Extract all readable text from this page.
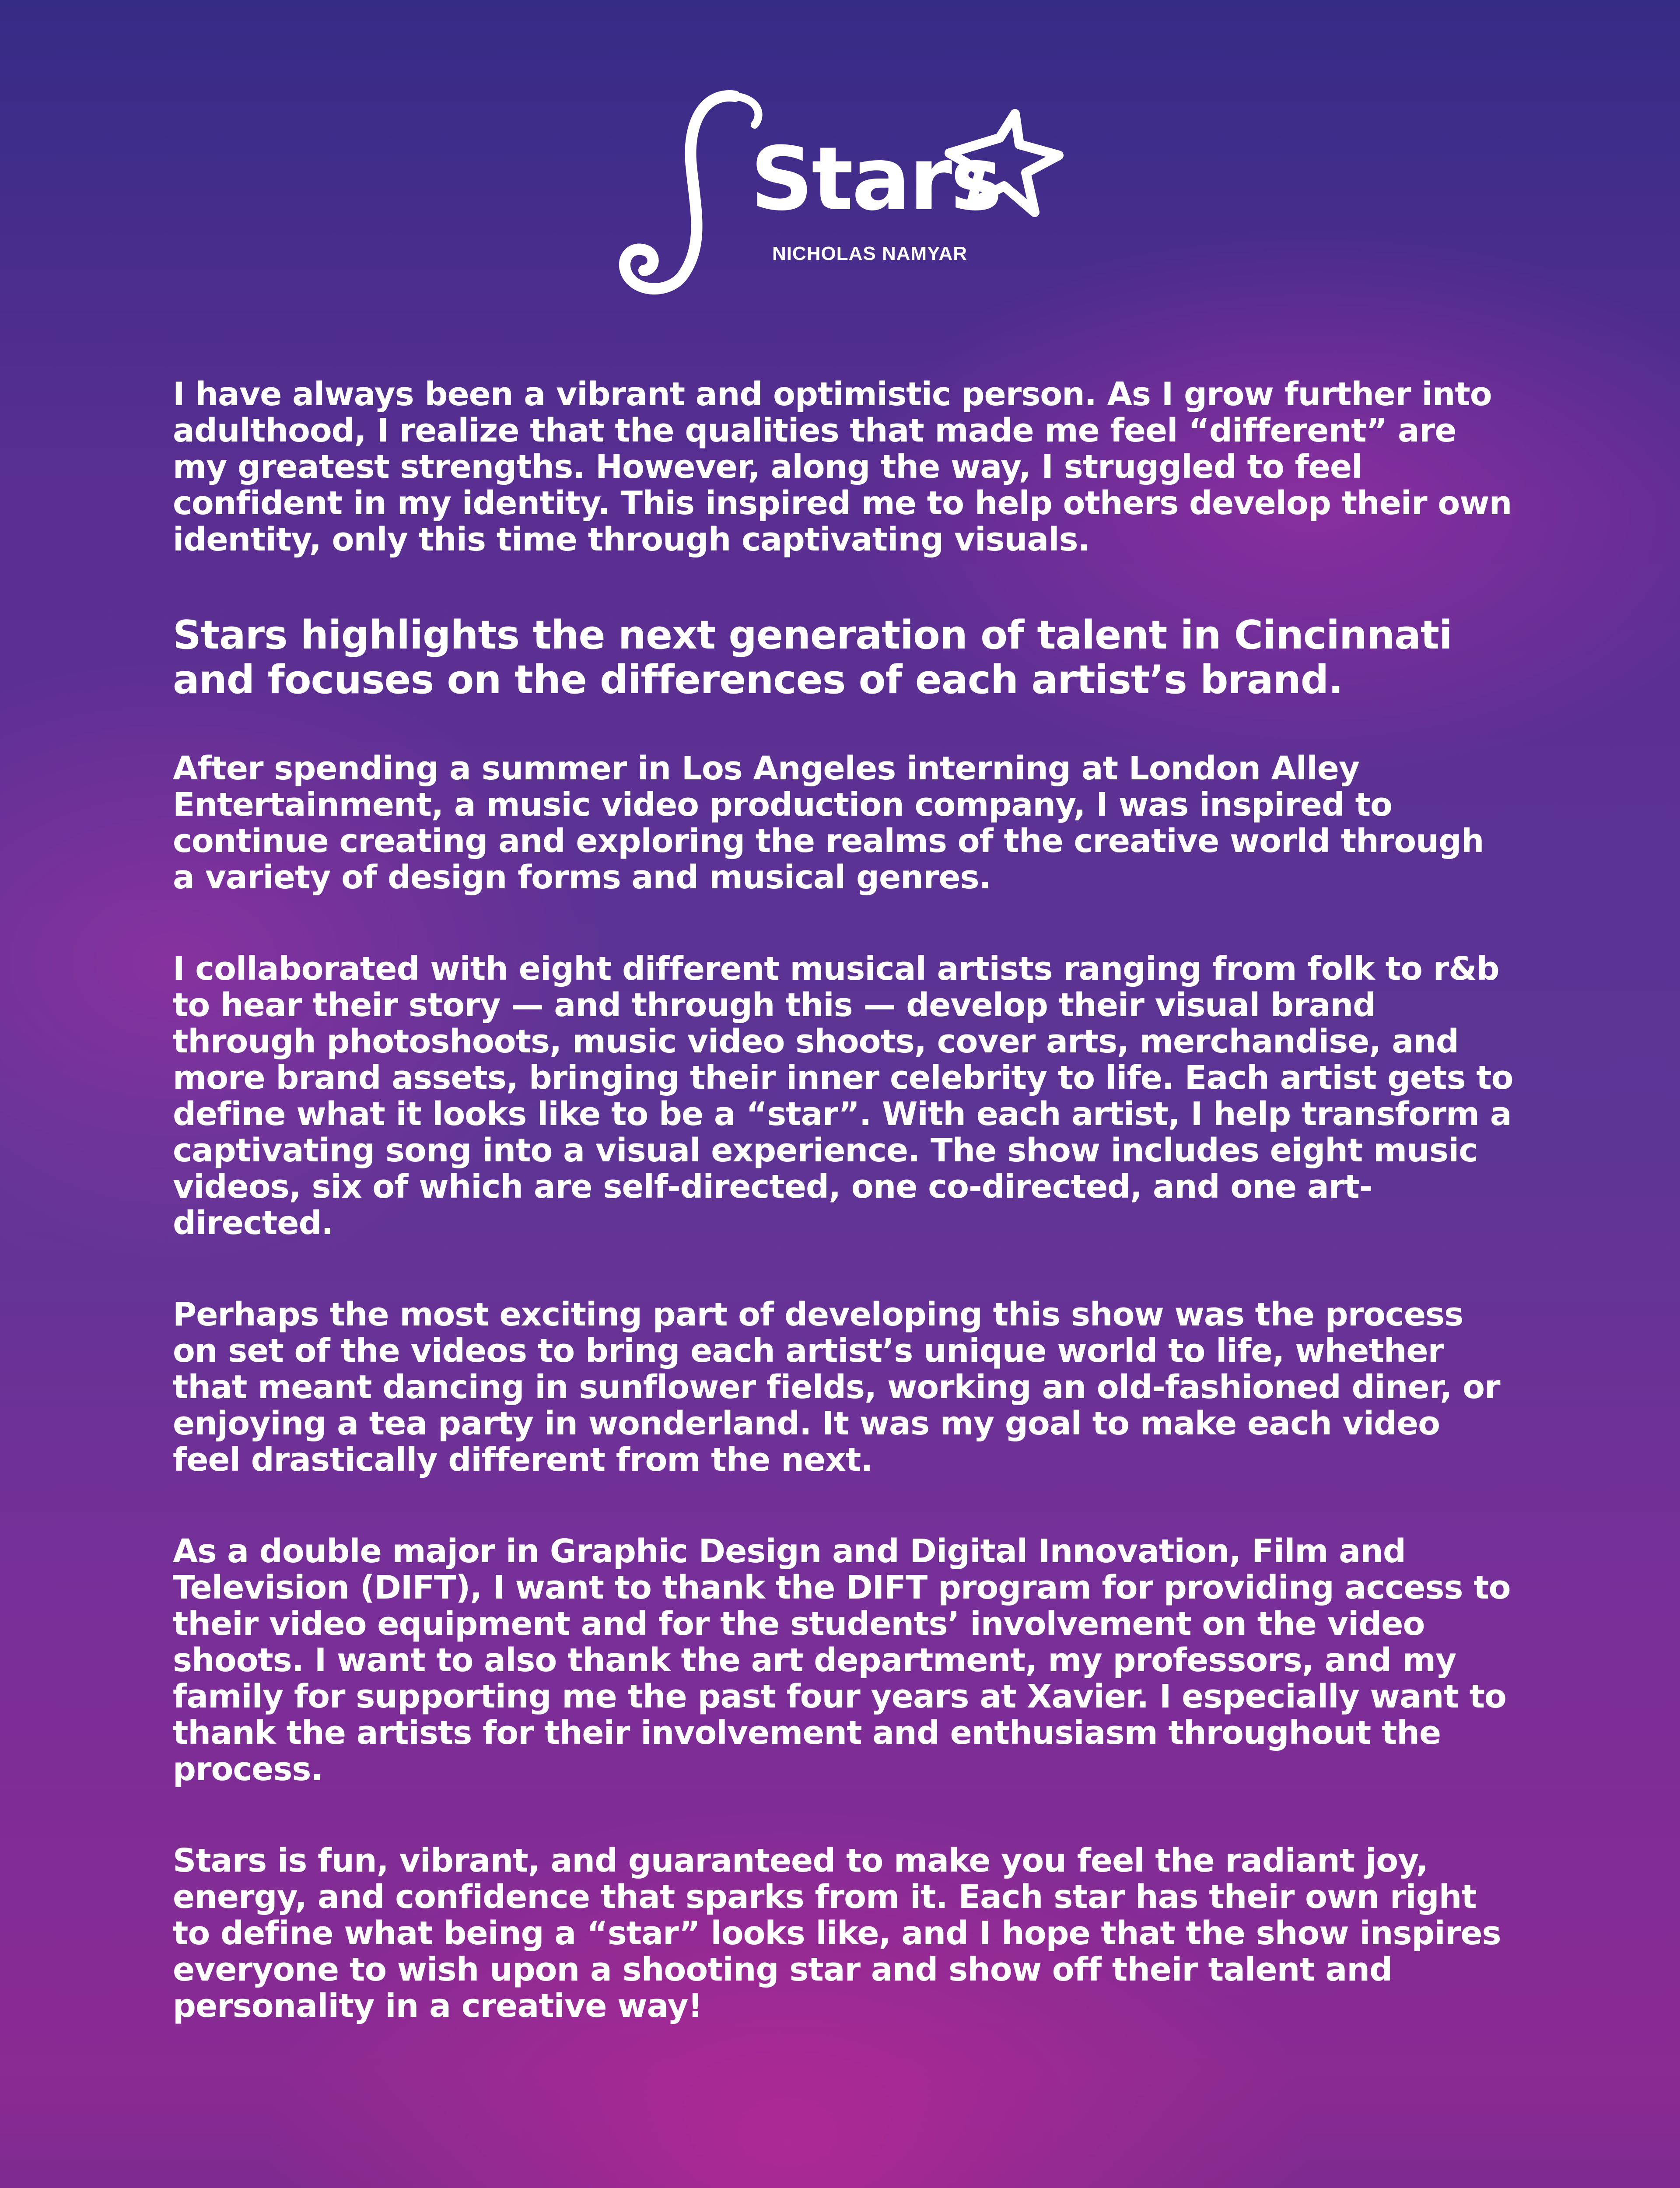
Stars
NICHOLAS NAMYAR

I have always been a vibrant and optimistic person. As I grow further into adulthood, I realize that the qualities that made me feel “different” are my greatest strengths. However, along the way, I struggled to feel confident in my identity. This inspired me to help others develop their own identity, only this time through captivating visuals.

Stars highlights the next generation of talent in Cincinnati and focuses on the differences of each artist’s brand.

After spending a summer in Los Angeles interning at London Alley Entertainment, a music video production company, I was inspired to continue creating and exploring the realms of the creative world through a variety of design forms and musical genres.

I collaborated with eight different musical artists ranging from folk to r&b to hear their story — and through this — develop their visual brand through photoshoots, music video shoots, cover arts, merchandise, and more brand assets, bringing their inner celebrity to life. Each artist gets to define what it looks like to be a “star”. With each artist, I help transform a captivating song into a visual experience. The show includes eight music videos, six of which are self-directed, one co-directed, and one art-directed.

Perhaps the most exciting part of developing this show was the process on set of the videos to bring each artist’s unique world to life, whether that meant dancing in sunflower fields, working an old-fashioned diner, or enjoying a tea party in wonderland. It was my goal to make each video feel drastically different from the next.

As a double major in Graphic Design and Digital Innovation, Film and Television (DIFT), I want to thank the DIFT program for providing access to their video equipment and for the students’ involvement on the video shoots. I want to also thank the art department, my professors, and my family for supporting me the past four years at Xavier. I especially want to thank the artists for their involvement and enthusiasm throughout the process.

Stars is fun, vibrant, and guaranteed to make you feel the radiant joy, energy, and confidence that sparks from it. Each star has their own right to define what being a “star” looks like, and I hope that the show inspires everyone to wish upon a shooting star and show off their talent and personality in a creative way!
